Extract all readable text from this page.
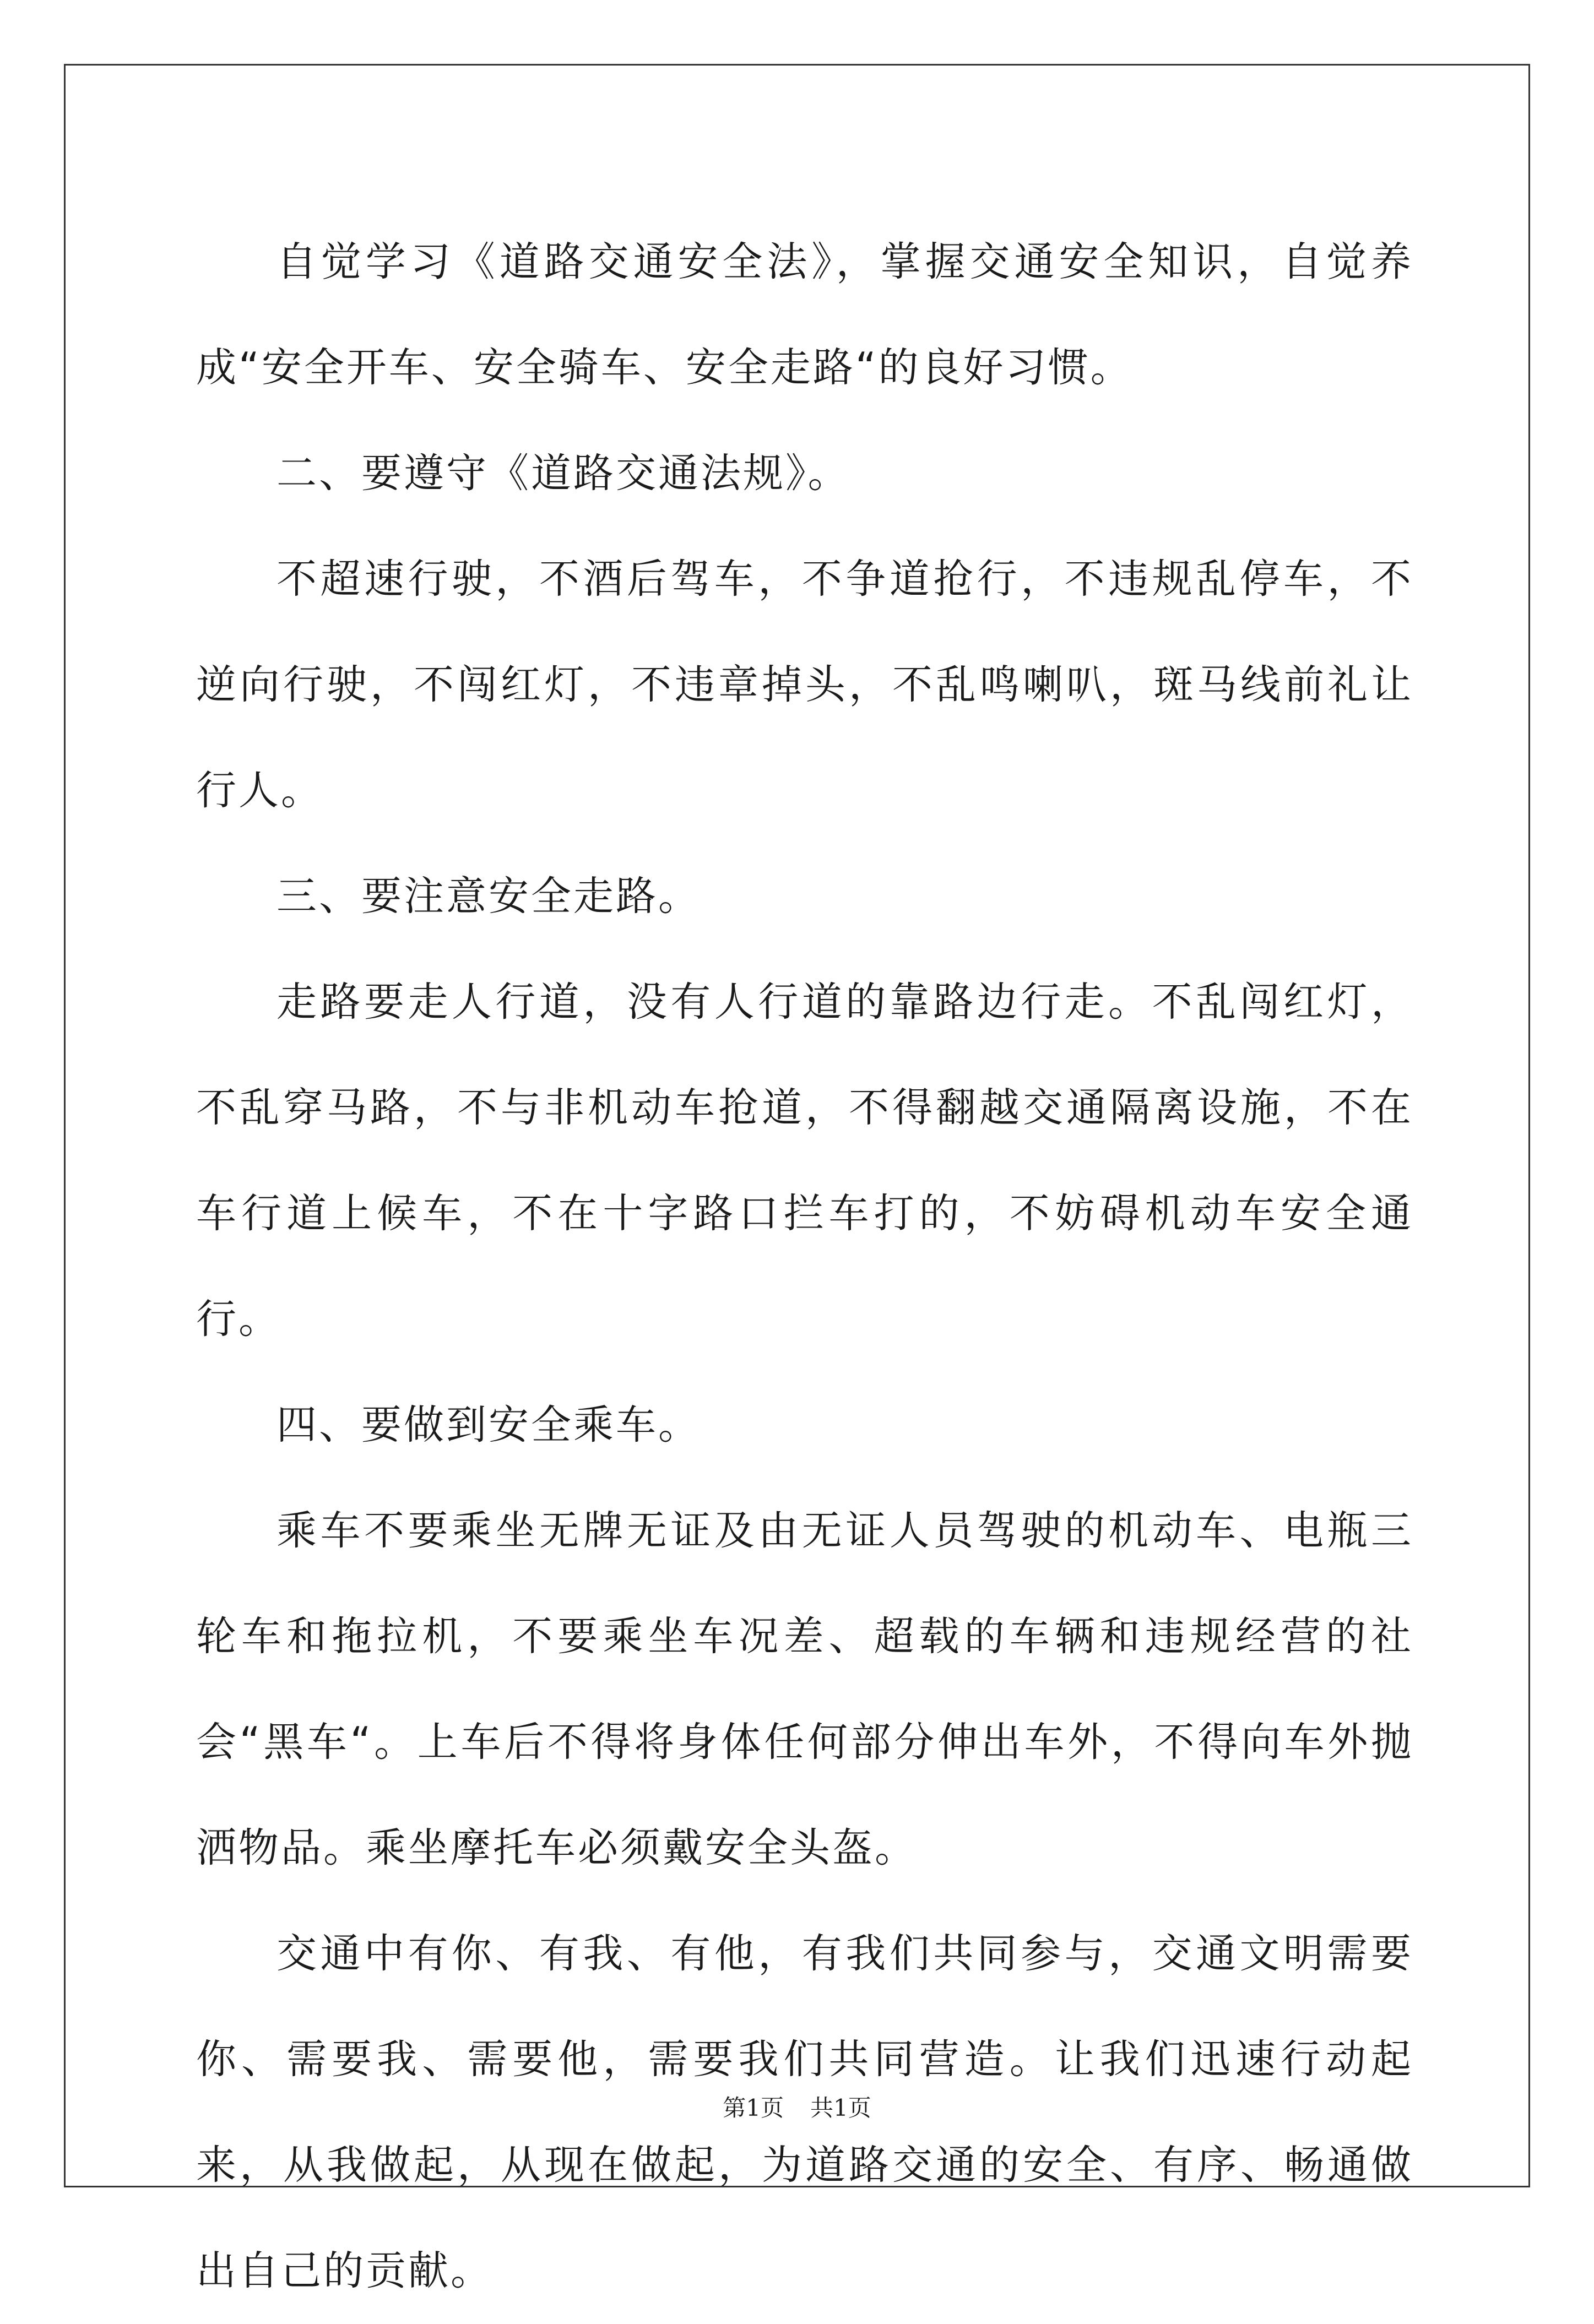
自觉学习《道路交通安全法》，掌握交通安全知识，自觉养成“安全开车、安全骑车、安全走路“的良好习惯。

二、要遵守《道路交通法规》。

不超速行驶，不酒后驾车，不争道抢行，不违规乱停车，不逆向行驶，不闯红灯，不违章掉头，不乱鸣喇叭，斑马线前礼让行人。

三、要注意安全走路。

走路要走人行道，没有人行道的靠路边行走。不乱闯红灯，不乱穿马路，不与非机动车抢道，不得翻越交通隔离设施，不在车行道上候车，不在十字路口拦车打的，不妨碍机动车安全通行。

四、要做到安全乘车。

乘车不要乘坐无牌无证及由无证人员驾驶的机动车、电瓶三轮车和拖拉机，不要乘坐车况差、超载的车辆和违规经营的社会“黑车“。上车后不得将身体任何部分伸出车外，不得向车外抛洒物品。乘坐摩托车必须戴安全头盔。

交通中有你、有我、有他，有我们共同参与，交通文明需要你、需要我、需要他，需要我们共同营造。让我们迅速行动起来，从我做起，从现在做起，为道路交通的安全、有序、畅通做出自己的贡献。

第1页 共1页
